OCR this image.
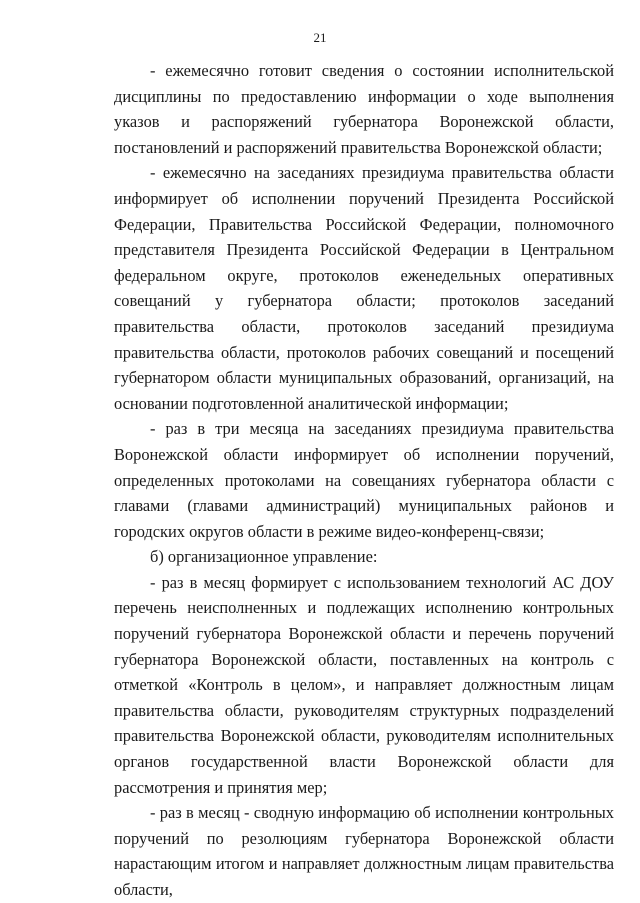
21

- ежемесячно готовит сведения о состоянии исполнительской дисциплины по предоставлению информации о ходе выполнения указов и распоряжений губернатора Воронежской области, постановлений и распоряжений правительства Воронежской области;

- ежемесячно на заседаниях президиума правительства области информирует об исполнении поручений Президента Российской Федерации, Правительства Российской Федерации, полномочного представителя Президента Российской Федерации в Центральном федеральном округе, протоколов еженедельных оперативных совещаний у губернатора области; протоколов заседаний правительства области, протоколов заседаний президиума правительства области, протоколов рабочих совещаний и посещений губернатором области муниципальных образований, организаций, на основании подготовленной аналитической информации;

- раз в три месяца на заседаниях президиума правительства Воронежской области информирует об исполнении поручений, определенных протоколами на совещаниях губернатора области с главами (главами администраций) муниципальных районов и городских округов области в режиме видео-конференц-связи;

б) организационное управление:

- раз в месяц формирует с использованием технологий АС ДОУ перечень неисполненных и подлежащих исполнению контрольных поручений губернатора Воронежской области и перечень поручений губернатора Воронежской области, поставленных на контроль с отметкой «Контроль в целом», и направляет должностным лицам правительства области, руководителям структурных подразделений правительства Воронежской области, руководителям исполнительных органов государственной власти Воронежской области для рассмотрения и принятия мер;

- раз в месяц - сводную информацию об исполнении контрольных поручений по резолюциям губернатора Воронежской области нарастающим итогом и направляет должностным лицам правительства области,
